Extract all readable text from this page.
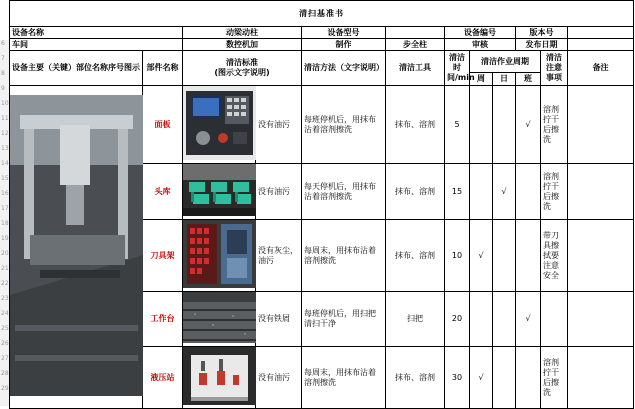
6
7
8
9
10
11
12
13
14
15
16
17
18
19
20
21
22
23
24
25
26
27
28
29
清扫基准书											
设备名称		动梁动柱		设备型号		设备编号			版本号		
车间		数控机加		制作	步全柱	审核			发布日期		
设备主要（关键）部位名称序号图示	部件名称	清洁标准
(图示文字说明)		清洁方法（文字说明）	清洁工具	清洁时间/min	清洁作业周期			清洁注意事项	备注
							周	日	班		

	面板		没有油污	每班停机后，用抹布沾着溶剂擦洗	抹布、溶剂	5			√	溶剂拧干后擦洗	
	头库		没有油污	每天停机后，用抹布沾着溶剂擦洗	抹布、溶剂	15		√		溶剂拧干后擦洗	
	刀具架		没有灰尘，油污	每周末，用抹布沾着溶剂擦洗	抹布、溶剂	10	√			带刀具擦拭要注意安全	
	工作台		没有铁屑	每班停机后，用扫把清扫干净	扫把	20			√		
	液压站		没有油污	每周末，用抹布沾着溶剂擦洗	抹布、溶剂	30	√			溶剂拧干后擦洗	
